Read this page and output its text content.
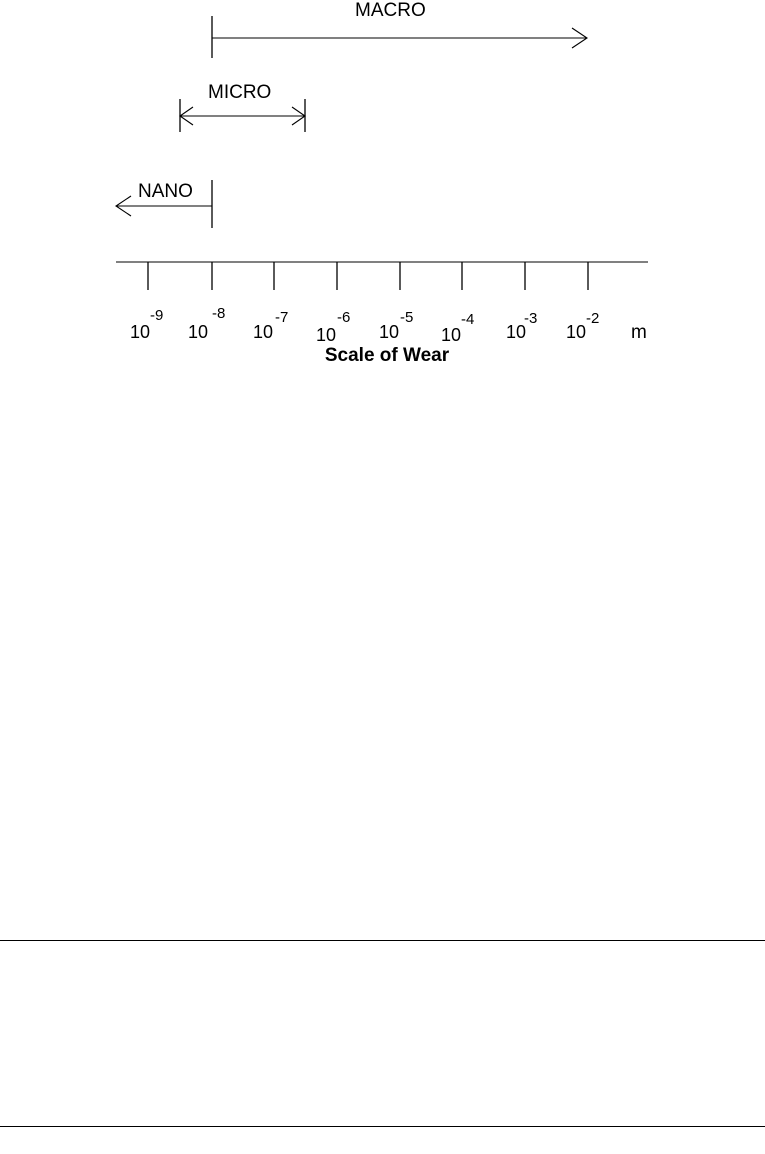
MACRO
MICRO
NANO
10
-9
10
-8
10
-7
10
-6
10
-5
10
-4
10
-3
10
-2
m
Scale of Wear
